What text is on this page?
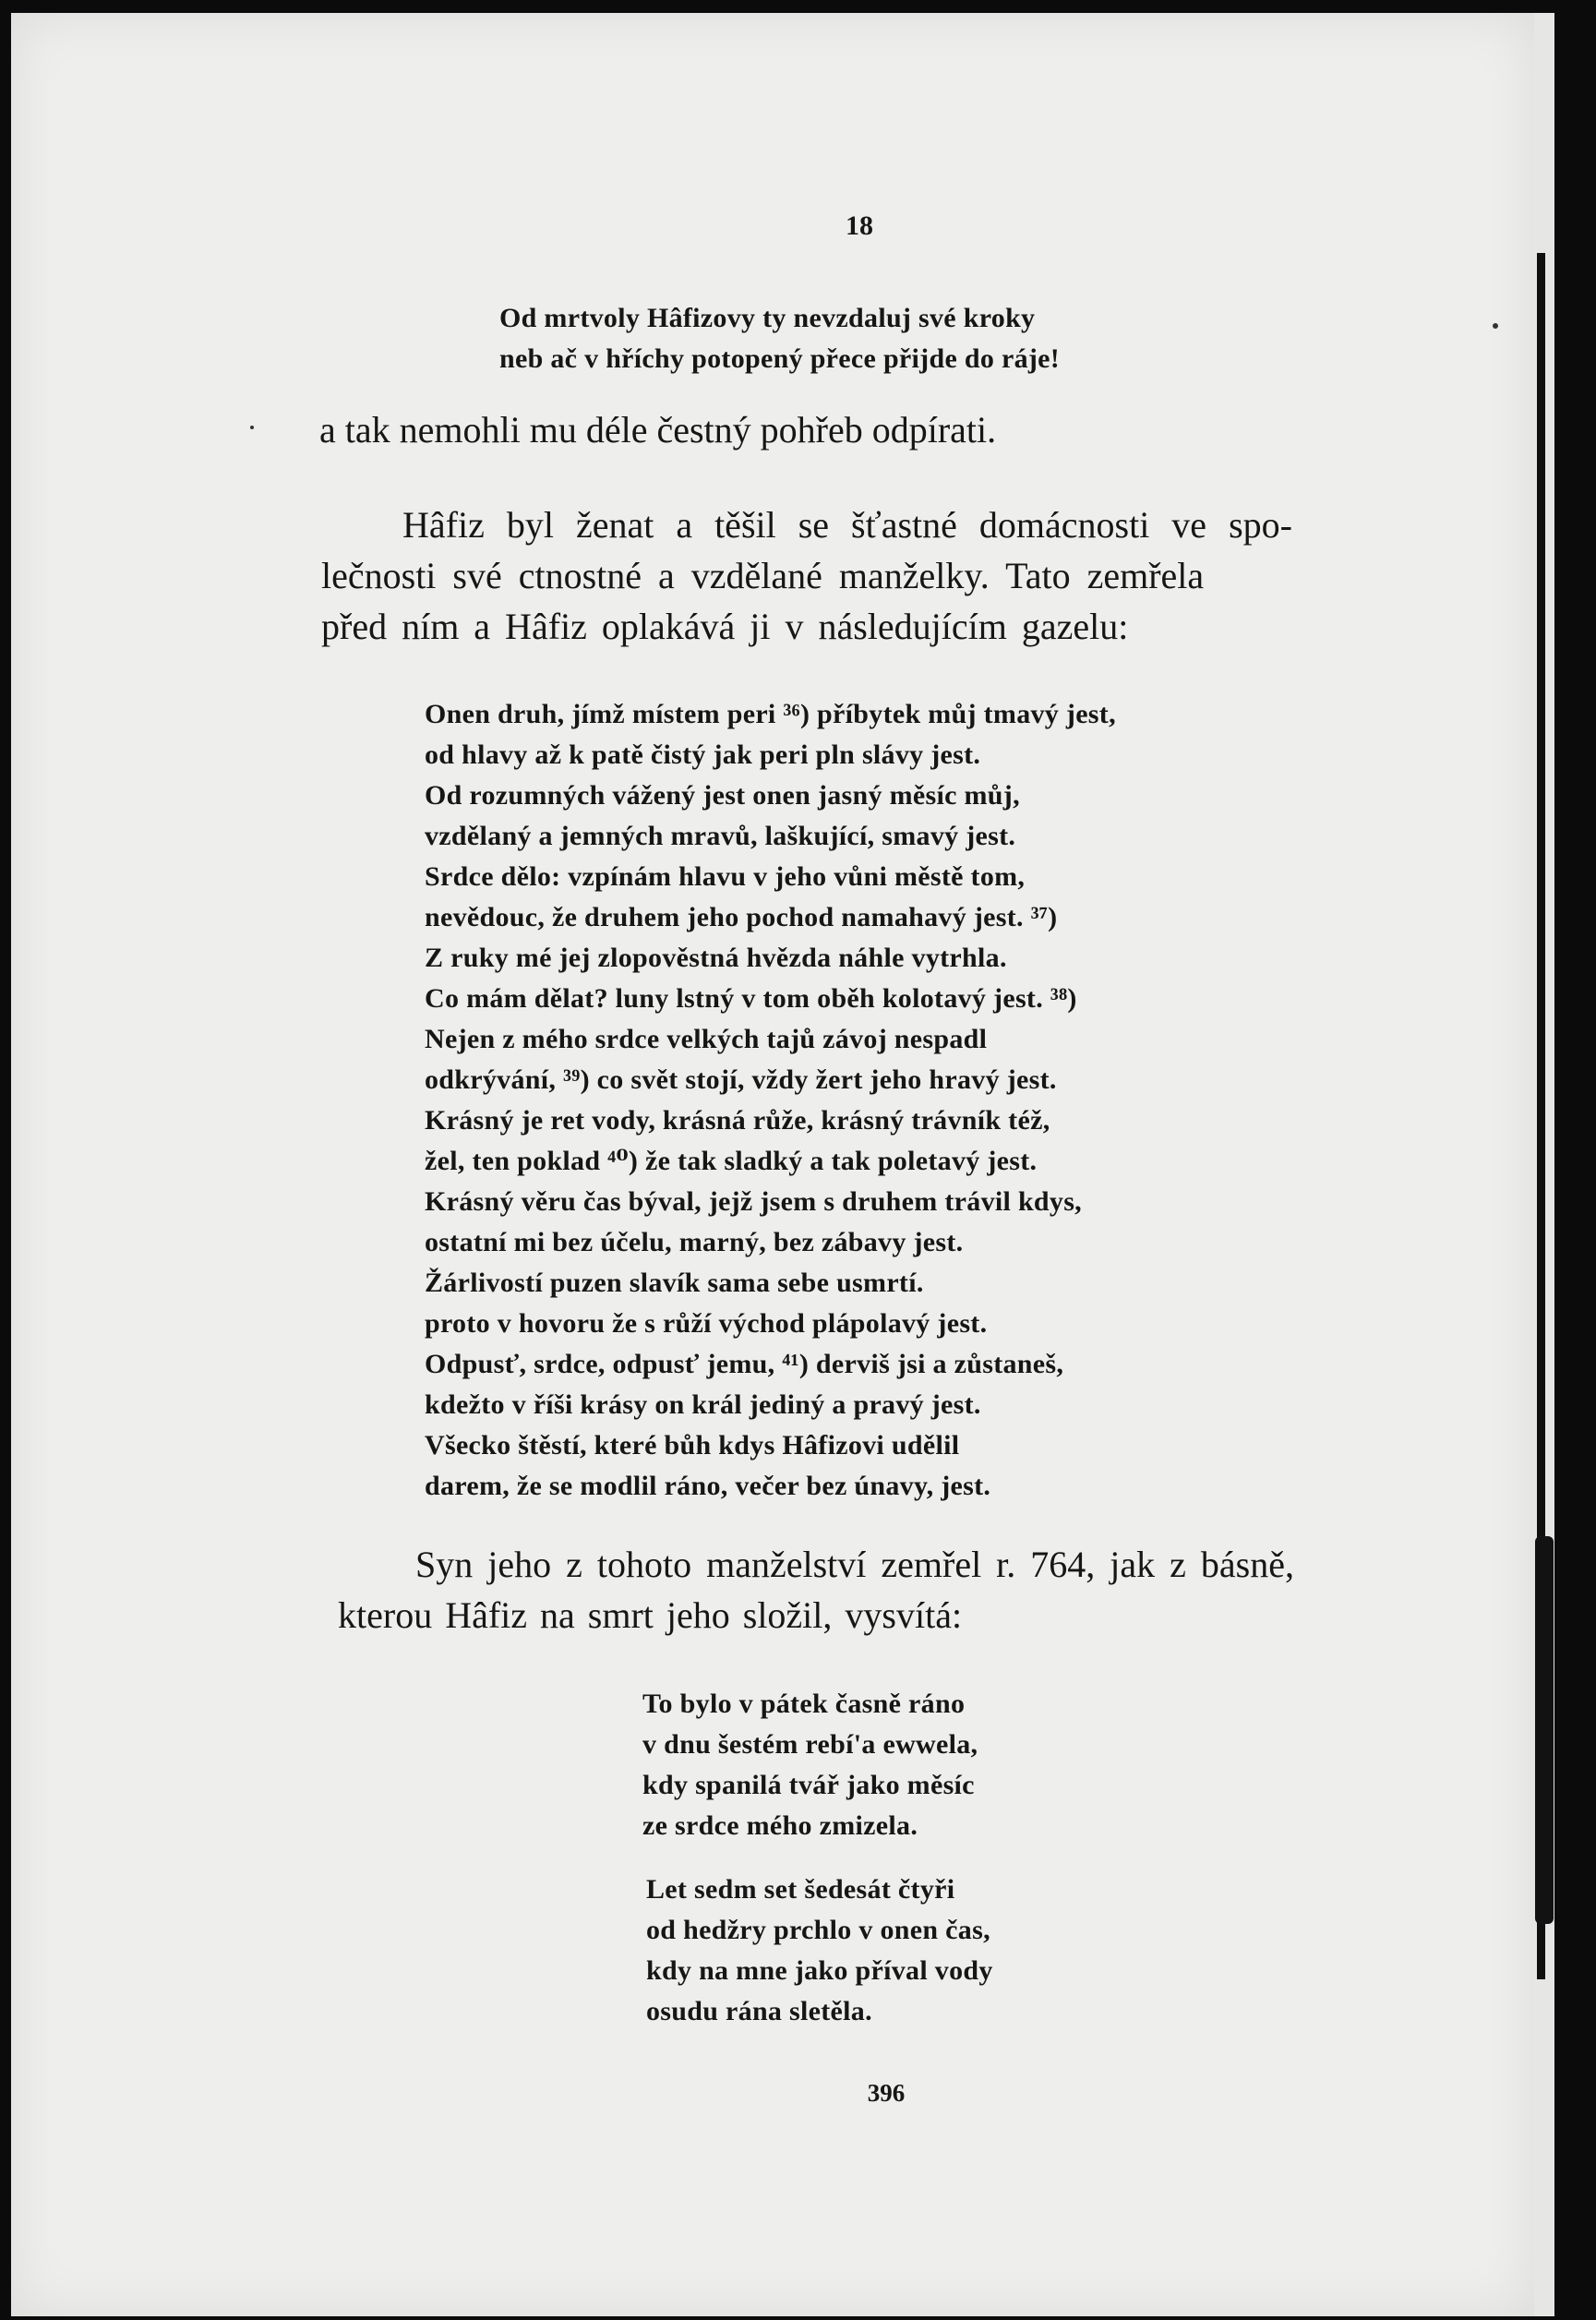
18
Od mrtvoly Hâfizovy ty nevzdaluj své kroky
neb ač v hříchy potopený přece přijde do ráje!
a tak nemohli mu déle čestný pohřeb odpírati.
Hâfiz byl ženat a těšil se šťastné domácnosti ve spo-
lečnosti své ctnostné a vzdělané manželky. Tato zemřela
před ním a Hâfiz oplakává ji v následujícím gazelu:
Onen druh, jímž místem peri ³⁶) příbytek můj tmavý jest,
od hlavy až k patě čistý jak peri pln slávy jest.
Od rozumných vážený jest onen jasný měsíc můj,
vzdělaný a jemných mravů, laškující, smavý jest.
Srdce dělo: vzpínám hlavu v jeho vůni městě tom,
nevědouc, že druhem jeho pochod namahavý jest. ³⁷)
Z ruky mé jej zlopověstná hvězda náhle vytrhla.
Co mám dělat? luny lstný v tom oběh kolotavý jest. ³⁸)
Nejen z mého srdce velkých tajů závoj nespadl
odkrývání, ³⁹) co svět stojí, vždy žert jeho hravý jest.
Krásný je ret vody, krásná růže, krásný trávník též,
žel, ten poklad ⁴⁰) že tak sladký a tak poletavý jest.
Krásný věru čas býval, jejž jsem s druhem trávil kdys,
ostatní mi bez účelu, marný, bez zábavy jest.
Žárlivostí puzen slavík sama sebe usmrtí.
proto v hovoru že s růží východ plápolavý jest.
Odpusť, srdce, odpusť jemu, ⁴¹) derviš jsi a zůstaneš,
kdežto v říši krásy on král jediný a pravý jest.
Všecko štěstí, které bůh kdys Hâfizovi udělil
darem, že se modlil ráno, večer bez únavy, jest.
Syn jeho z tohoto manželství zemřel r. 764, jak z básně,
kterou Hâfiz na smrt jeho složil, vysvítá:
To bylo v pátek časně ráno
v dnu šestém rebí'a ewwela,
kdy spanilá tvář jako měsíc
ze srdce mého zmizela.
Let sedm set šedesát čtyři
od hedžry prchlo v onen čas,
kdy na mne jako příval vody
osudu rána sletěla.
396
